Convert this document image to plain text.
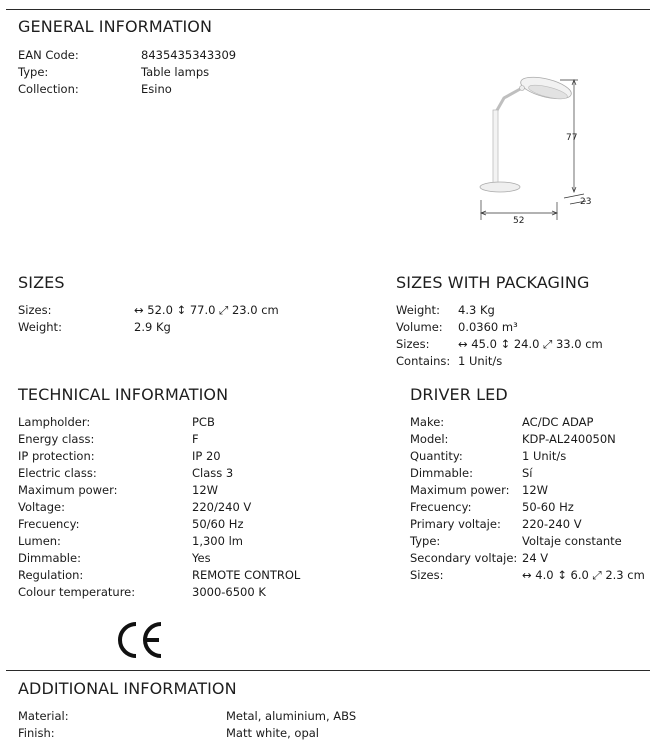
GENERAL INFORMATION
EAN Code:	8435435343309
Type:	Table lamps
Collection:	Esino
77
23
52
SIZES
Sizes:	↔ 52.0 ↕ 77.0 ⤢ 23.0 cm
Weight:	2.9 Kg
SIZES WITH PACKAGING
Weight: 4.3 Kg
Volume: 0.0360 m³
Sizes: ↔ 45.0 ↕ 24.0 ⤢ 33.0 cm
Contains: 1 Unit/s
TECHNICAL INFORMATION
Lampholder:	PCB
Energy class:	F
IP protection:	IP 20
Electric class:	Class 3
Maximum power:	12W
Voltage:	220/240 V
Frecuency:	50/60 Hz
Lumen:	1,300 lm
Dimmable:	Yes
Regulation:	REMOTE CONTROL
Colour temperature:	3000-6500 K
DRIVER LED
Make:	AC/DC ADAP
Model:	KDP-AL240050N
Quantity:	1 Unit/s
Dimmable:	Sí
Maximum power: 12W
Frecuency:	50-60 Hz
Primary voltaje: 220-240 V
Type:	Voltaje constante
Secondary voltaje: 24 V
Sizes:	↔ 4.0 ↕ 6.0 ⤢ 2.3 cm
ADDITIONAL INFORMATION
Material:	Metal, aluminium, ABS
Finish:	Matt white, opal
